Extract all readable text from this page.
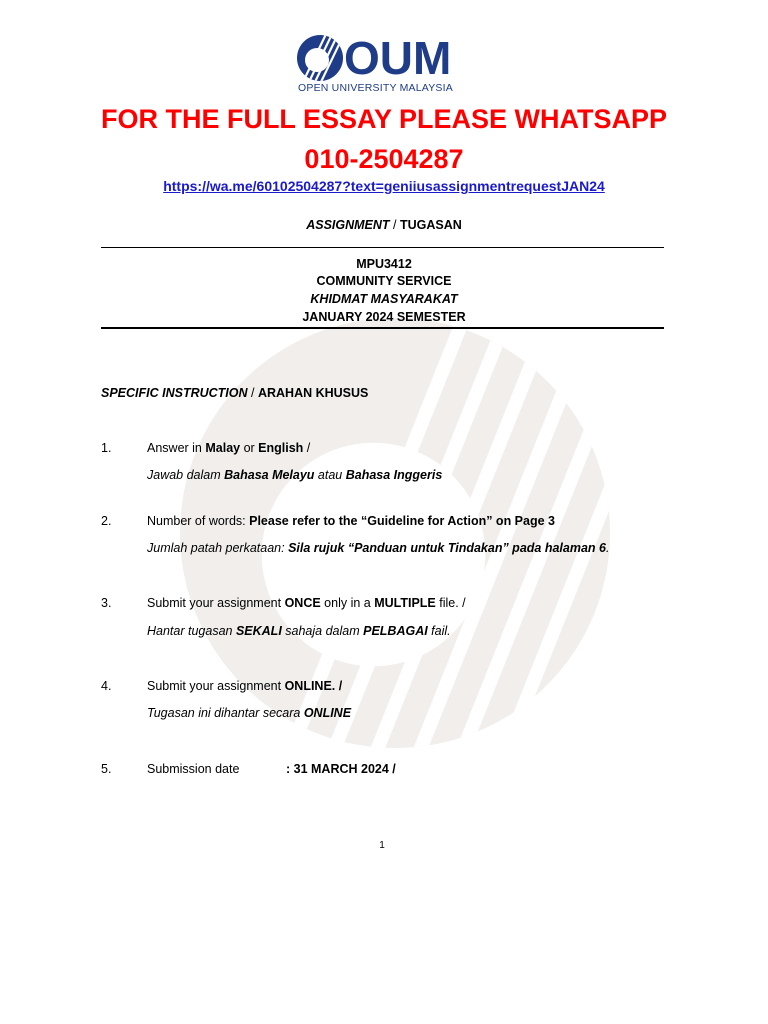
OUM
OPEN UNIVERSITY MALAYSIA
FOR THE FULL ESSAY PLEASE WHATSAPP
010-2504287
https://wa.me/60102504287?text=geniiusassignmentrequestJAN24
ASSIGNMENT / TUGASAN
MPU3412
COMMUNITY SERVICE
KHIDMAT MASYARAKAT
JANUARY 2024 SEMESTER
SPECIFIC INSTRUCTION / ARAHAN KHUSUS
1.	Answer in Malay or English /
Jawab dalam Bahasa Melayu atau Bahasa Inggeris
2.	Number of words: Please refer to the “Guideline for Action” on Page 3
Jumlah patah perkataan: Sila rujuk “Panduan untuk Tindakan” pada halaman 6.
3.	Submit your assignment ONCE only in a MULTIPLE file. /
Hantar tugasan SEKALI sahaja dalam PELBAGAI fail.
4.	Submit your assignment ONLINE. /
Tugasan ini dihantar secara ONLINE
5.	Submission date	: 31 MARCH 2024 /
1
